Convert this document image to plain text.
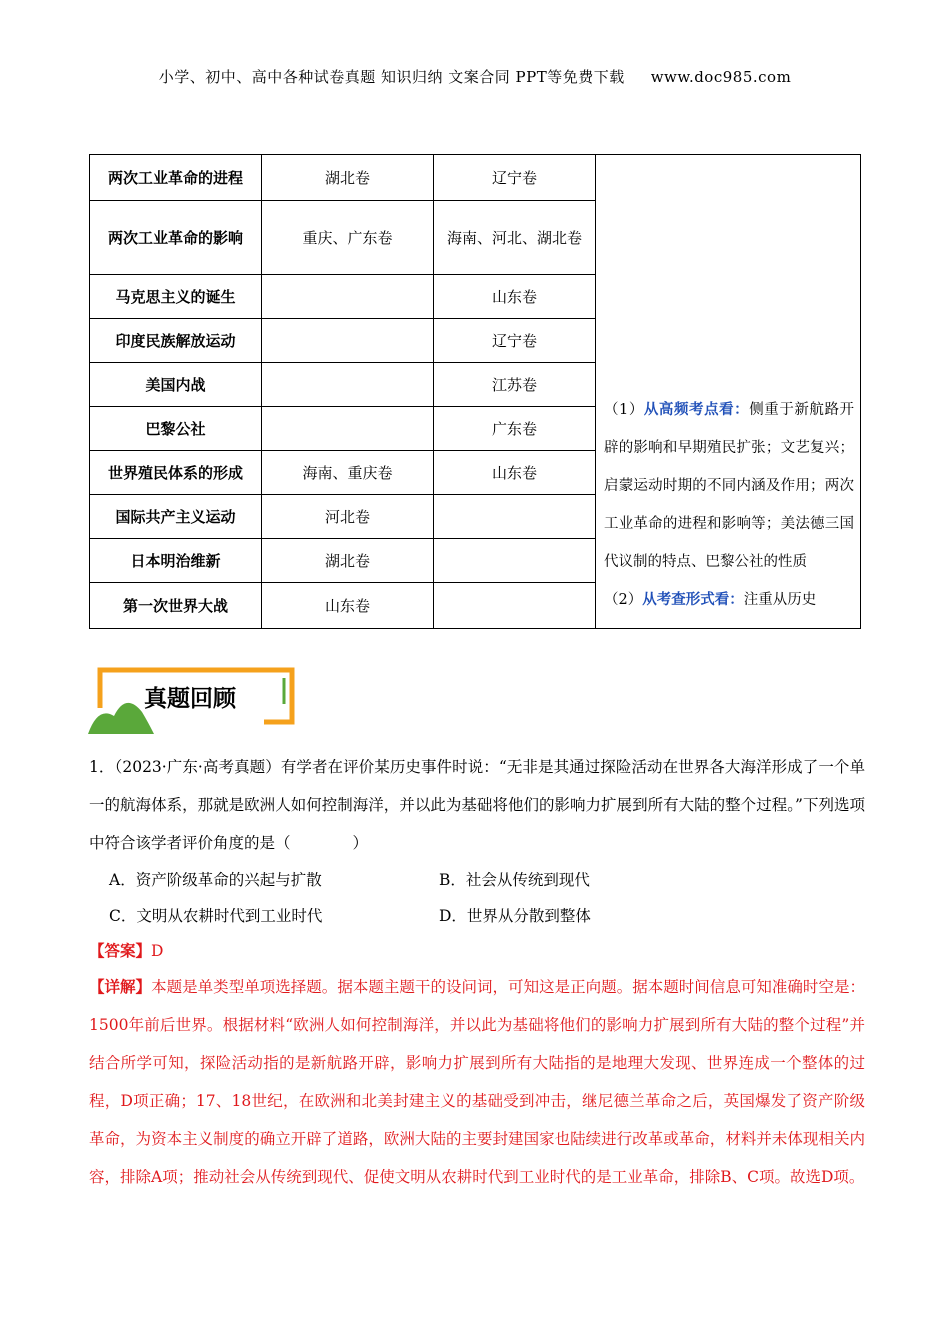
小学、初中、高中各种试卷真题 知识归纳 文案合同 PPT等免费下载 www.doc985.com
两次工业革命的进程	湖北卷	辽宁卷	（1）从高频考点看：侧重于新航路开辟的影响和早期殖民扩张；文艺复兴；启蒙运动时期的不同内涵及作用；两次工业革命的进程和影响等；美法德三国代议制的特点、巴黎公社的性质
（2）从考查形式看：注重从历史

两次工业革命的影响	重庆、广东卷	海南、河北、湖北卷	
马克思主义的诞生		山东卷	
印度民族解放运动		辽宁卷	
美国内战		江苏卷	
巴黎公社		广东卷	
世界殖民体系的形成	海南、重庆卷	山东卷	
国际共产主义运动	河北卷		
日本明治维新	湖北卷		
第一次世界大战	山东卷		
真题回顾
1．（2023·广东·高考真题）有学者在评价某历史事件时说：“无非是其通过探险活动在世界各大海洋形成了一个单一的航海体系，那就是欧洲人如何控制海洋，并以此为基础将他们的影响力扩展到所有大陆的整个过程。”下列选项中符合该学者评价角度的是（　　　　）
A．资产阶级革命的兴起与扩散	B．社会从传统到现代
C．文明从农耕时代到工业时代	D．世界从分散到整体
【答案】D
【详解】本题是单类型单项选择题。据本题主题干的设问词，可知这是正向题。据本题时间信息可知准确时空是：1500年前后世界。根据材料“欧洲人如何控制海洋，并以此为基础将他们的影响力扩展到所有大陆的整个过程”并结合所学可知，探险活动指的是新航路开辟，影响力扩展到所有大陆指的是地理大发现、世界连成一个整体的过程，D项正确；17、18世纪，在欧洲和北美封建主义的基础受到冲击，继尼德兰革命之后，英国爆发了资产阶级革命，为资本主义制度的确立开辟了道路，欧洲大陆的主要封建国家也陆续进行改革或革命，材料并未体现相关内容，排除A项；推动社会从传统到现代、促使文明从农耕时代到工业时代的是工业革命，排除B、C项。故选D项。
